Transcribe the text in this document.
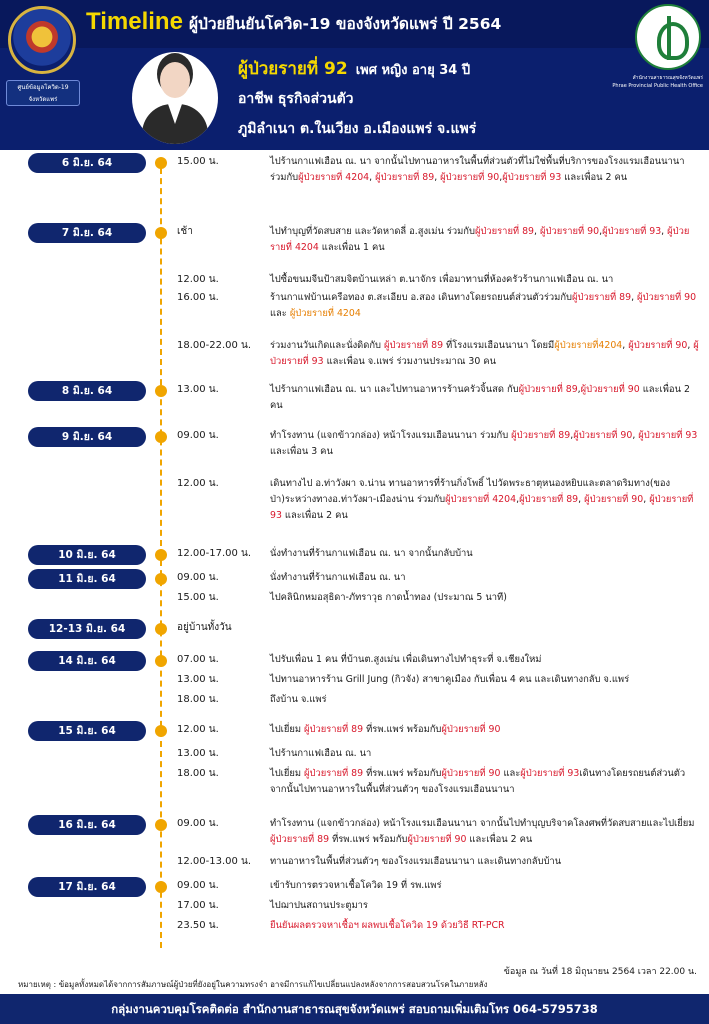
ศูนย์ข้อมูลโควิด-19
จังหวัดแพร่
Timeline ผู้ป่วยยืนยันโควิด-19 ของจังหวัดแพร่ ปี 2564
สำนักงานสาธารณสุขจังหวัดแพร่
Phrae Provincial Public Health Office
ผู้ป่วยรายที่ 92 เพศ หญิง อายุ 34 ปี
อาชีพ ธุรกิจส่วนตัว
ภูมิลำเนา ต.ในเวียง อ.เมืองแพร่ จ.แพร่
6 มิ.ย. 64	15.00 น.	ไปร้านกาแฟเฮือน ณ. นา จากนั้นไปทานอาหารในพื้นที่ส่วนตัวที่ไม่ใช่พื้นที่บริการของโรงแรมเฮือนนานา ร่วมกับผู้ป่วยรายที่ 4204, ผู้ป่วยรายที่ 89, ผู้ป่วยรายที่ 90,ผู้ป่วยรายที่ 93 และเพื่อน 2 คน
7 มิ.ย. 64	เช้า	ไปทำบุญที่วัดสบสาย และวัดหาดลี่ อ.สูงเม่น ร่วมกับผู้ป่วยรายที่ 89, ผู้ป่วยรายที่ 90,ผู้ป่วยรายที่ 93, ผู้ป่วยรายที่ 4204 และเพื่อน 1 คน
12.00 น.	ไปซื้อขนมจีนป้าสมจิตบ้านเหล่า ต.นาจักร เพื่อมาทานที่ห้องครัวร้านกาแฟเฮือน ณ. นา
16.00 น.	ร้านกาแฟบ้านเครือทอง ต.สะเอียบ อ.สอง เดินทางโดยรถยนต์ส่วนตัวร่วมกับผู้ป่วยรายที่ 89, ผู้ป่วยรายที่ 90 และ ผู้ป่วยรายที่ 4204
18.00-22.00 น. ร่วมงานวันเกิดและนั่งดิดกับ ผู้ป่วยรายที่ 89 ที่โรงแรมเฮือนนานา โดยมีผู้ป่วยรายที่4204, ผู้ป่วยรายที่ 90, ผู้ป่วยรายที่ 93 และเพื่อน จ.แพร่ ร่วมงานประมาณ 30 คน
8 มิ.ย. 64	13.00 น.	ไปร้านกาแฟเฮือน ณ. นา และไปทานอาหารร้านครัวจิ้นสด กับผู้ป่วยรายที่ 89,ผู้ป่วยรายที่ 90 และเพื่อน 2 คน
9 มิ.ย. 64	09.00 น.	ทำโรงทาน (แจกข้าวกล่อง) หน้าโรงแรมเฮือนนานา ร่วมกับ ผู้ป่วยรายที่ 89,ผู้ป่วยรายที่ 90, ผู้ป่วยรายที่ 93 และเพื่อน 3 คน
12.00 น.	เดินทางไป อ.ท่าวังผา จ.น่าน ทานอาหารที่ร้านกิ่งโพธิ์ ไปวัดพระธาตุหนองหยิบและตลาดริมทาง(ของป่า)ระหว่างทางอ.ท่าวังผา-เมืองน่าน ร่วมกับผู้ป่วยรายที่ 4204,ผู้ป่วยรายที่ 89, ผู้ป่วยรายที่ 90, ผู้ป่วยรายที่ 93 และเพื่อน 2 คน
10 มิ.ย. 64	12.00-17.00 น. นั่งทำงานที่ร้านกาแฟเฮือน ณ. นา จากนั้นกลับบ้าน
11 มิ.ย. 64	09.00 น.	นั่งทำงานที่ร้านกาแฟเฮือน ณ. นา
15.00 น.	ไปคลินิกหมอสุธิดา-ภัทราวุธ กาดน้ำทอง (ประมาณ 5 นาที)
12-13 มิ.ย. 64	อยู่บ้านทั้งวัน
14 มิ.ย. 64	07.00 น.	ไปรับเพื่อน 1 คน ที่บ้านต.สูงเม่น เพื่อเดินทางไปทำธุระที่ จ.เชียงใหม่
13.00 น.	ไปทานอาหารร้าน Grill Jung (กิวจัง) สาขาคูเมือง กับเพื่อน 4 คน และเดินทางกลับ จ.แพร่
18.00 น.	ถึงบ้าน จ.แพร่
15 มิ.ย. 64	12.00 น.	ไปเยี่ยม ผู้ป่วยรายที่ 89 ที่รพ.แพร่ พร้อมกับผู้ป่วยรายที่ 90
13.00 น.	ไปร้านกาแฟเฮือน ณ. นา
18.00 น.	ไปเยี่ยม ผู้ป่วยรายที่ 89 ที่รพ.แพร่ พร้อมกับผู้ป่วยรายที่ 90 และผู้ป่วยรายที่ 93เดินทางโดยรถยนต์ส่วนตัว จากนั้นไปทานอาหารในพื้นที่ส่วนตัวๆ ของโรงแรมเฮือนนานา
16 มิ.ย. 64	09.00 น.	ทำโรงทาน (แจกข้าวกล่อง) หน้าโรงแรมเฮือนนานา จากนั้นไปทำบุญบริจาคโลงศพที่วัดสบสายและไปเยี่ยม ผู้ป่วยรายที่ 89 ที่รพ.แพร่ พร้อมกับผู้ป่วยรายที่ 90 และเพื่อน 2 คน
12.00-13.00 น. ทานอาหารในพื้นที่ส่วนตัวๆ ของโรงแรมเฮือนนานา และเดินทางกลับบ้าน
17 มิ.ย. 64	09.00 น.	เข้ารับการตรวจหาเชื้อโควิด 19 ที่ รพ.แพร่
17.00 น.	ไปฌาปนสถานประตูมาร
23.50 น.	ยืนยันผลตรวจหาเชื้อฯ ผลพบเชื้อโควิด 19 ด้วยวิธี RT-PCR
ข้อมูล ณ วันที่ 18 มิถุนายน 2564 เวลา 22.00 น.
หมายเหตุ : ข้อมูลทั้งหมดได้จากการสัมภาษณ์ผู้ป่วยที่ยังอยู่ในความทรงจำ อาจมีการแก้ไขเปลี่ยนแปลงหลังจากการสอบสวนโรคในภายหลัง
กลุ่มงานควบคุมโรคติดต่อ สำนักงานสาธารณสุขจังหวัดแพร่ สอบถามเพิ่มเติมโทร 064-5795738
